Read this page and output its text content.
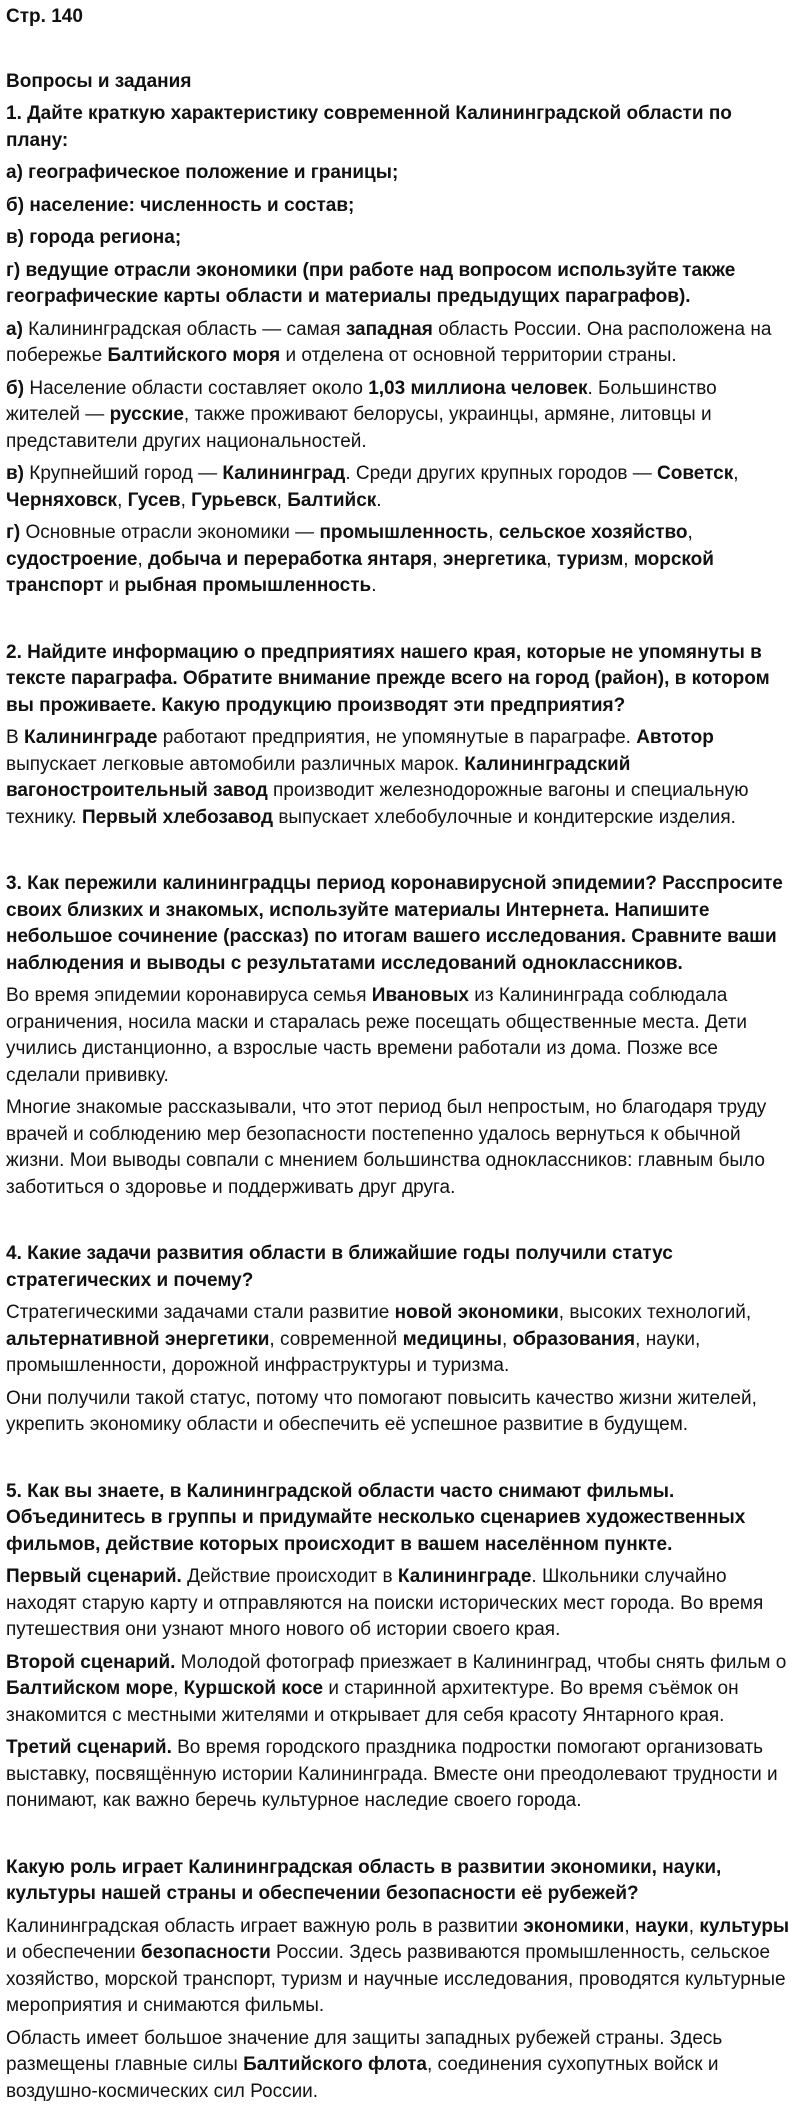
Стр. 140
Вопросы и задания
1. Дайте краткую характеристику современной Калининградской области по плану:
а) географическое положение и границы;
б) население: численность и состав;
в) города региона;
г) ведущие отрасли экономики (при работе над вопросом используйте также географические карты области и материалы предыдущих параграфов).
а) Калининградская область — самая западная область России. Она расположена на побережье Балтийского моря и отделена от основной территории страны.
б) Население области составляет около 1,03 миллиона человек. Большинство жителей — русские, также проживают белорусы, украинцы, армяне, литовцы и представители других национальностей.
в) Крупнейший город — Калининград. Среди других крупных городов — Советск, Черняховск, Гусев, Гурьевск, Балтийск.
г) Основные отрасли экономики — промышленность, сельское хозяйство, судостроение, добыча и переработка янтаря, энергетика, туризм, морской транспорт и рыбная промышленность.
2. Найдите информацию о предприятиях нашего края, которые не упомянуты в тексте параграфа. Обратите внимание прежде всего на город (район), в котором вы проживаете. Какую продукцию производят эти предприятия?
В Калининграде работают предприятия, не упомянутые в параграфе. Автотор выпускает легковые автомобили различных марок. Калининградский вагоностроительный завод производит железнодорожные вагоны и специальную технику. Первый хлебозавод выпускает хлебобулочные и кондитерские изделия.
3. Как пережили калининградцы период коронавирусной эпидемии? Расспросите своих близких и знакомых, используйте материалы Интернета. Напишите небольшое сочинение (рассказ) по итогам вашего исследования. Сравните ваши наблюдения и выводы с результатами исследований одноклассников.
Во время эпидемии коронавируса семья Ивановых из Калининграда соблюдала ограничения, носила маски и старалась реже посещать общественные места. Дети учились дистанционно, а взрослые часть времени работали из дома. Позже все сделали прививку.
Многие знакомые рассказывали, что этот период был непростым, но благодаря труду врачей и соблюдению мер безопасности постепенно удалось вернуться к обычной жизни. Мои выводы совпали с мнением большинства одноклассников: главным было заботиться о здоровье и поддерживать друг друга.
4. Какие задачи развития области в ближайшие годы получили статус стратегических и почему?
Стратегическими задачами стали развитие новой экономики, высоких технологий, альтернативной энергетики, современной медицины, образования, науки, промышленности, дорожной инфраструктуры и туризма.
Они получили такой статус, потому что помогают повысить качество жизни жителей, укрепить экономику области и обеспечить её успешное развитие в будущем.
5. Как вы знаете, в Калининградской области часто снимают фильмы. Объединитесь в группы и придумайте несколько сценариев художественных фильмов, действие которых происходит в вашем населённом пункте.
Первый сценарий. Действие происходит в Калининграде. Школьники случайно находят старую карту и отправляются на поиски исторических мест города. Во время путешествия они узнают много нового об истории своего края.
Второй сценарий. Молодой фотограф приезжает в Калининград, чтобы снять фильм о Балтийском море, Куршской косе и старинной архитектуре. Во время съёмок он знакомится с местными жителями и открывает для себя красоту Янтарного края.
Третий сценарий. Во время городского праздника подростки помогают организовать выставку, посвящённую истории Калининграда. Вместе они преодолевают трудности и понимают, как важно беречь культурное наследие своего города.
Какую роль играет Калининградская область в развитии экономики, науки, культуры нашей страны и обеспечении безопасности её рубежей?
Калининградская область играет важную роль в развитии экономики, науки, культуры и обеспечении безопасности России. Здесь развиваются промышленность, сельское хозяйство, морской транспорт, туризм и научные исследования, проводятся культурные мероприятия и снимаются фильмы.
Область имеет большое значение для защиты западных рубежей страны. Здесь размещены главные силы Балтийского флота, соединения сухопутных войск и воздушно-космических сил России.
